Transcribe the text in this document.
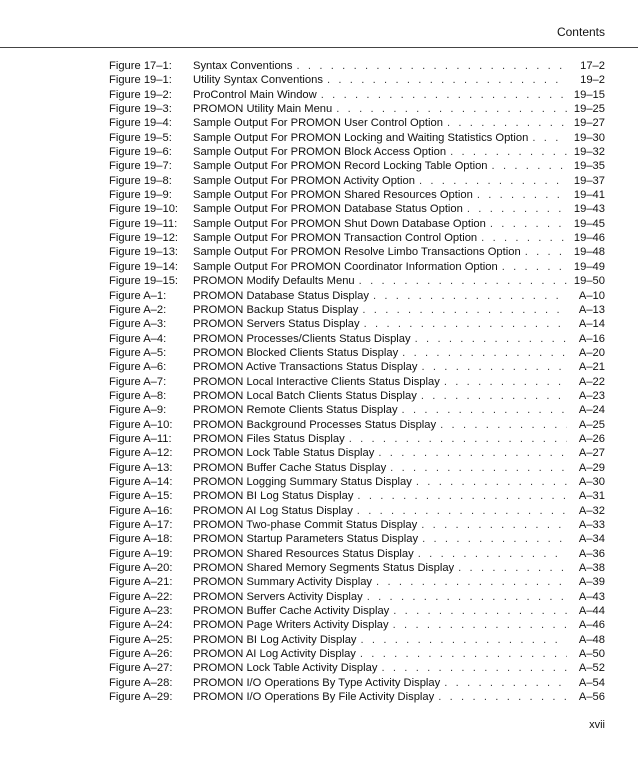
Contents
Figure 17–1:	Syntax Conventions . . .	17–2
Figure 19–1:	Utility Syntax Conventions . . .	19–2
Figure 19–2:	ProControl Main Window . . .	19–15
Figure 19–3:	PROMON Utility Main Menu . . .	19–25
Figure 19–4:	Sample Output For PROMON User Control Option . . .	19–27
Figure 19–5:	Sample Output For PROMON Locking and Waiting Statistics Option . . .	19–30
Figure 19–6:	Sample Output For PROMON Block Access Option . . .	19–32
Figure 19–7:	Sample Output For PROMON Record Locking Table Option . . .	19–35
Figure 19–8:	Sample Output For PROMON Activity Option . . .	19–37
Figure 19–9:	Sample Output For PROMON Shared Resources Option . . .	19–41
Figure 19–10:	Sample Output For PROMON Database Status Option . . .	19–43
Figure 19–11:	Sample Output For PROMON Shut Down Database Option . . .	19–45
Figure 19–12:	Sample Output For PROMON Transaction Control Option . . .	19–46
Figure 19–13:	Sample Output For PROMON Resolve Limbo Transactions Option . . .	19–48
Figure 19–14:	Sample Output For PROMON Coordinator Information Option . . .	19–49
Figure 19–15:	PROMON Modify Defaults Menu . . .	19–50
Figure A–1:	PROMON Database Status Display . . .	A–10
Figure A–2:	PROMON Backup Status Display . . .	A–13
Figure A–3:	PROMON Servers Status Display . . .	A–14
Figure A–4:	PROMON Processes/Clients Status Display . . .	A–16
Figure A–5:	PROMON Blocked Clients Status Display . . .	A–20
Figure A–6:	PROMON Active Transactions Status Display . . .	A–21
Figure A–7:	PROMON Local Interactive Clients Status Display . . .	A–22
Figure A–8:	PROMON Local Batch Clients Status Display . . .	A–23
Figure A–9:	PROMON Remote Clients Status Display . . .	A–24
Figure A–10:	PROMON Background Processes Status Display . . .	A–25
Figure A–11:	PROMON Files Status Display . . .	A–26
Figure A–12:	PROMON Lock Table Status Display . . .	A–27
Figure A–13:	PROMON Buffer Cache Status Display . . .	A–29
Figure A–14:	PROMON Logging Summary Status Display . . .	A–30
Figure A–15:	PROMON BI Log Status Display . . .	A–31
Figure A–16:	PROMON AI Log Status Display . . .	A–32
Figure A–17:	PROMON Two-phase Commit Status Display . . .	A–33
Figure A–18:	PROMON Startup Parameters Status Display . . .	A–34
Figure A–19:	PROMON Shared Resources Status Display . . .	A–36
Figure A–20:	PROMON Shared Memory Segments Status Display . . .	A–38
Figure A–21:	PROMON Summary Activity Display . . .	A–39
Figure A–22:	PROMON Servers Activity Display . . .	A–43
Figure A–23:	PROMON Buffer Cache Activity Display . . .	A–44
Figure A–24:	PROMON Page Writers Activity Display . . .	A–46
Figure A–25:	PROMON BI Log Activity Display . . .	A–48
Figure A–26:	PROMON AI Log Activity Display . . .	A–50
Figure A–27:	PROMON Lock Table Activity Display . . .	A–52
Figure A–28:	PROMON I/O Operations By Type Activity Display . . .	A–54
Figure A–29:	PROMON I/O Operations By File Activity Display . . .	A–56
xvii
